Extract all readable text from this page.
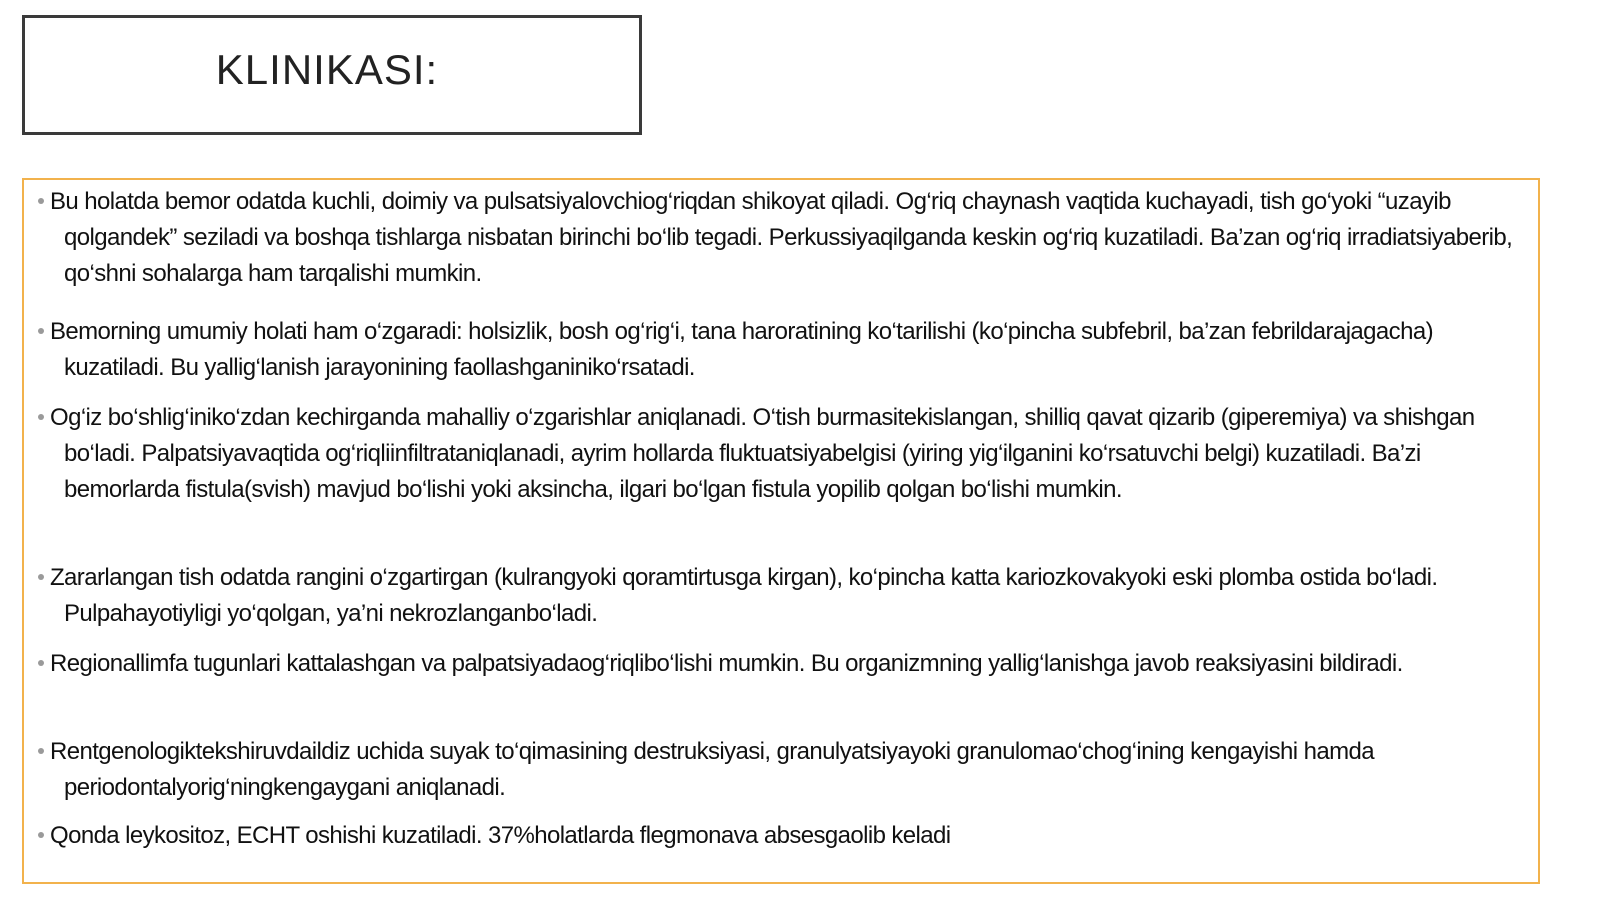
KLINIKASI:
Bu holatda bemor odatda kuchli, doimiy va pulsatsiyalovchiog‘riqdan shikoyat qiladi. Og‘riq chaynash vaqtida kuchayadi, tish go‘yoki “uzayib qolgandek” seziladi va boshqa tishlarga nisbatan birinchi bo‘lib tegadi. Perkussiyaqilganda keskin og‘riq kuzatiladi. Ba’zan og‘riq irradiatsiyaberib, qo‘shni sohalarga ham tarqalishi mumkin.
Bemorning umumiy holati ham o‘zgaradi: holsizlik, bosh og‘rig‘i, tana haroratining ko‘tarilishi (ko‘pincha subfebril, ba’zan febrildarajagacha) kuzatiladi. Bu yallig‘lanish jarayonining faollashganiniko‘rsatadi.
Og‘iz bo‘shlig‘iniko‘zdan kechirganda mahalliy o‘zgarishlar aniqlanadi. O‘tish burmasitekislangan, shilliq qavat qizarib (giperemiya) va shishgan bo‘ladi. Palpatsiyavaqtida og‘riqliinfiltrataniqlanadi, ayrim hollarda fluktuatsiyabelgisi (yiring yig‘ilganini ko‘rsatuvchi belgi) kuzatiladi. Ba’zi bemorlarda fistula(svish) mavjud bo‘lishi yoki aksincha, ilgari bo‘lgan fistula yopilib qolgan bo‘lishi mumkin.
Zararlangan tish odatda rangini o‘zgartirgan (kulrangyoki qoramtirtusga kirgan), ko‘pincha katta kariozkovakyoki eski plomba ostida bo‘ladi. Pulpahayotiyligi yo‘qolgan, ya’ni nekrozlanganbo‘ladi.
Regionallimfa tugunlari kattalashgan va palpatsiyadaog‘riqlibo‘lishi mumkin. Bu organizmning yallig‘lanishga javob reaksiyasini bildiradi.
Rentgenologiktekshiruvdaildiz uchida suyak to‘qimasining destruksiyasi, granulyatsiyayoki granulomao‘chog‘ining kengayishi hamda periodontalyorig‘ningkengaygani aniqlanadi.
Qonda leykositoz, ECHT oshishi kuzatiladi. 37%holatlarda flegmonava absesgaolib keladi
